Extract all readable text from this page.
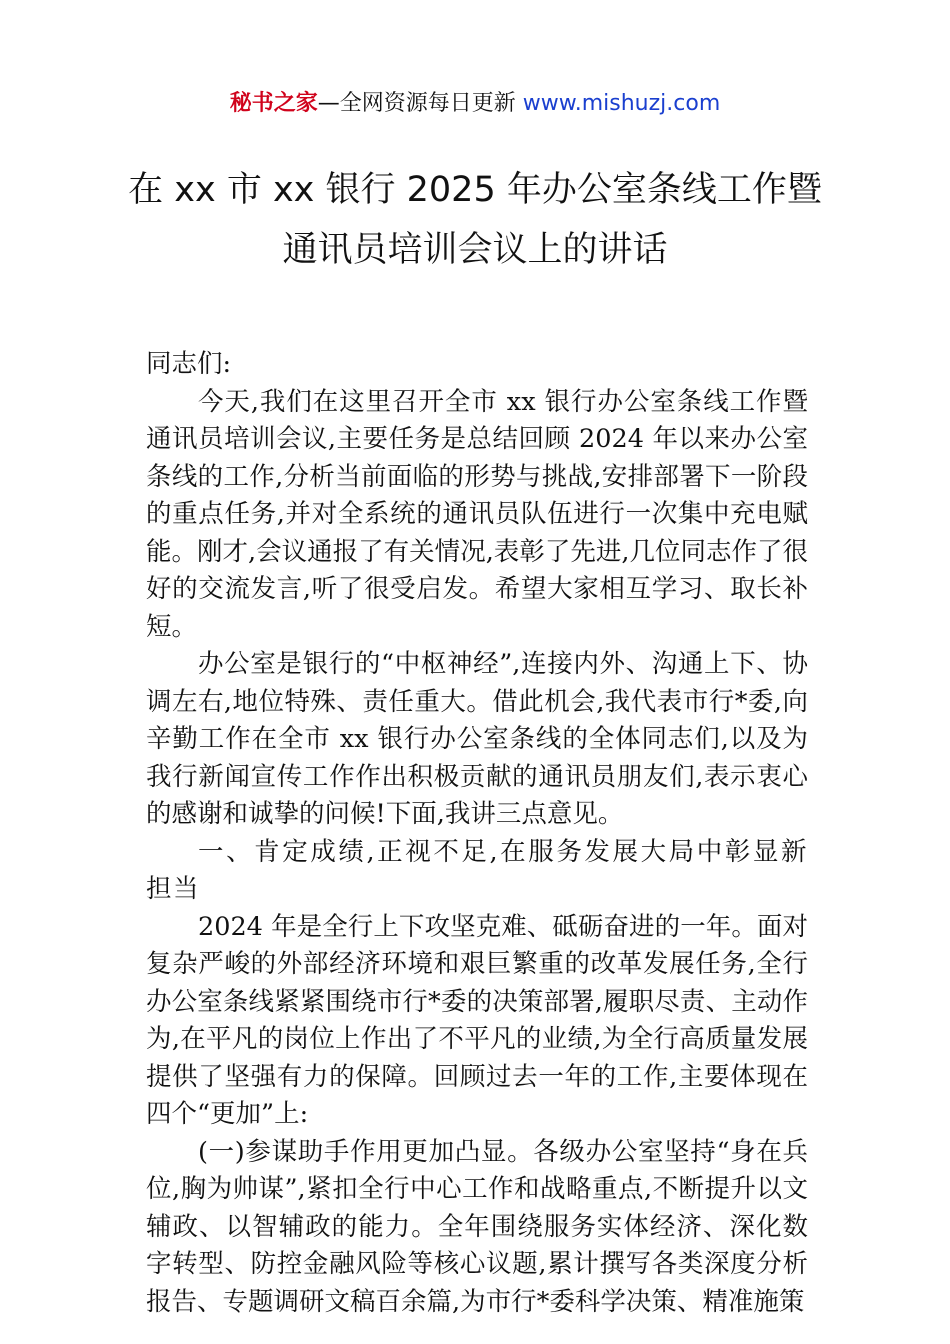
秘书之家—全网资源每日更新 www.mishuzj.com
在 xx 市 xx 银行 2025 年办公室条线工作暨
通讯员培训会议上的讲话

同志们:

今天,我们在这里召开全市 xx 银行办公室条线工作暨通讯员培训会议,主要任务是总结回顾 2024 年以来办公室条线的工作,分析当前面临的形势与挑战,安排部署下一阶段的重点任务,并对全系统的通讯员队伍进行一次集中充电赋能。刚才,会议通报了有关情况,表彰了先进,几位同志作了很好的交流发言,听了很受启发。希望大家相互学习、取长补短。

办公室是银行的“中枢神经”,连接内外、沟通上下、协调左右,地位特殊、责任重大。借此机会,我代表市行*委,向辛勤工作在全市 xx 银行办公室条线的全体同志们,以及为我行新闻宣传工作作出积极贡献的通讯员朋友们,表示衷心的感谢和诚挚的问候!下面,我讲三点意见。

一、肯定成绩,正视不足,在服务发展大局中彰显新担当

2024 年是全行上下攻坚克难、砥砺奋进的一年。面对复杂严峻的外部经济环境和艰巨繁重的改革发展任务,全行办公室条线紧紧围绕市行*委的决策部署,履职尽责、主动作为,在平凡的岗位上作出了不平凡的业绩,为全行高质量发展提供了坚强有力的保障。回顾过去一年的工作,主要体现在四个“更加”上:

(一)参谋助手作用更加凸显。各级办公室坚持“身在兵位,胸为帅谋”,紧扣全行中心工作和战略重点,不断提升以文辅政、以智辅政的能力。全年围绕服务实体经济、深化数字转型、防控金融风险等核心议题,累计撰写各类深度分析报告、专题调研文稿百余篇,为市行*委科学决策、精准施策
